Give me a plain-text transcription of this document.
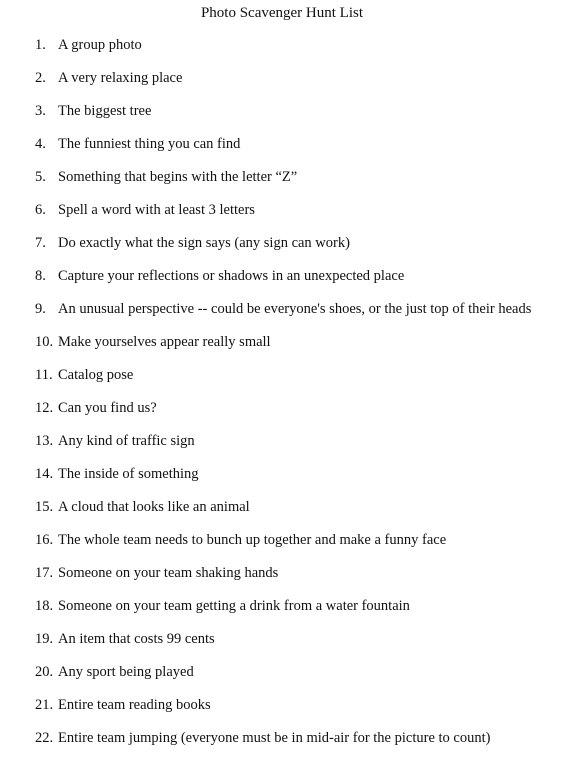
Photo Scavenger Hunt List
1. A group photo
2. A very relaxing place
3. The biggest tree
4. The funniest thing you can find
5. Something that begins with the letter “Z”
6. Spell a word with at least 3 letters
7. Do exactly what the sign says (any sign can work)
8. Capture your reflections or shadows in an unexpected place
9. An unusual perspective -- could be everyone's shoes, or the just top of their heads
10. Make yourselves appear really small
11. Catalog pose
12. Can you find us?
13. Any kind of traffic sign
14. The inside of something
15. A cloud that looks like an animal
16. The whole team needs to bunch up together and make a funny face
17. Someone on your team shaking hands
18. Someone on your team getting a drink from a water fountain
19. An item that costs 99 cents
20. Any sport being played
21. Entire team reading books
22. Entire team jumping (everyone must be in mid-air for the picture to count)
